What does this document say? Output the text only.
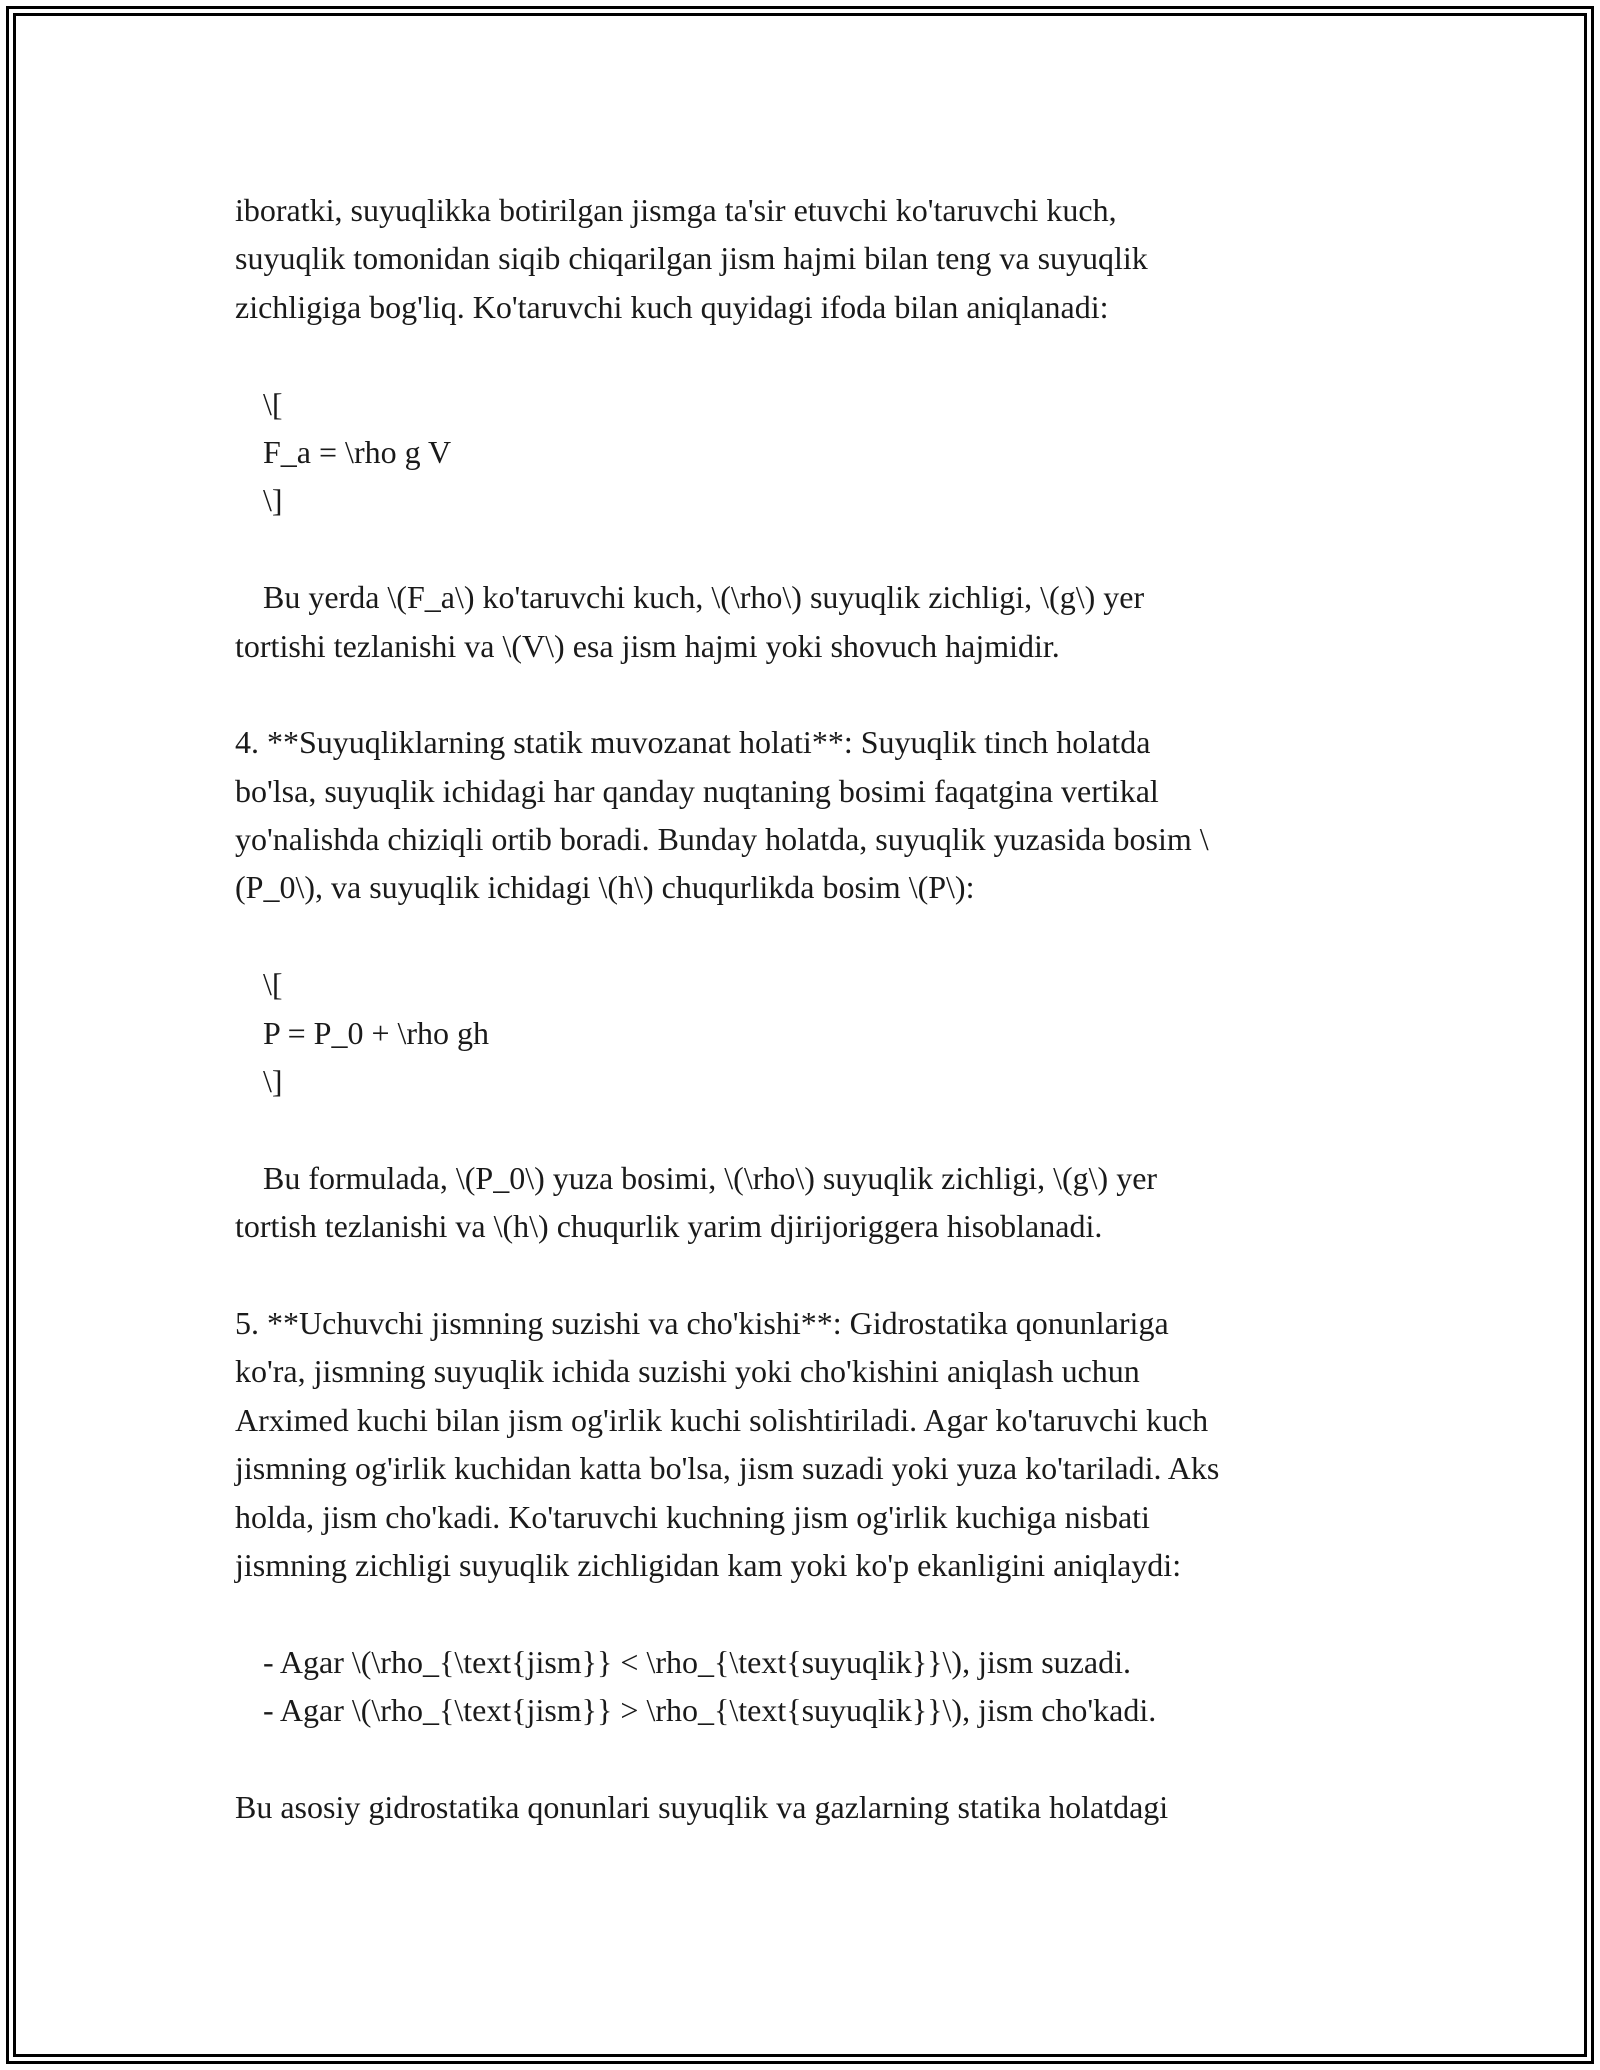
iboratki, suyuqlikka botirilgan jismga ta'sir etuvchi ko'taruvchi kuch,
suyuqlik tomonidan siqib chiqarilgan jism hajmi bilan teng va suyuqlik
zichligiga bog'liq. Ko'taruvchi kuch quyidagi ifoda bilan aniqlanadi:
\[
F_a = \rho g V
\]
Bu yerda \(F_a\) ko'taruvchi kuch, \(\rho\) suyuqlik zichligi, \(g\) yer
tortishi tezlanishi va \(V\) esa jism hajmi yoki shovuch hajmidir.
4. **Suyuqliklarning statik muvozanat holati**: Suyuqlik tinch holatda
bo'lsa, suyuqlik ichidagi har qanday nuqtaning bosimi faqatgina vertikal
yo'nalishda chiziqli ortib boradi. Bunday holatda, suyuqlik yuzasida bosim \
(P_0\), va suyuqlik ichidagi \(h\) chuqurlikda bosim \(P\):
\[
P = P_0 + \rho gh
\]
Bu formulada, \(P_0\) yuza bosimi, \(\rho\) suyuqlik zichligi, \(g\) yer
tortish tezlanishi va \(h\) chuqurlik yarim djirijoriggera hisoblanadi.
5. **Uchuvchi jismning suzishi va cho'kishi**: Gidrostatika qonunlariga
ko'ra, jismning suyuqlik ichida suzishi yoki cho'kishini aniqlash uchun
Arximed kuchi bilan jism og'irlik kuchi solishtiriladi. Agar ko'taruvchi kuch
jismning og'irlik kuchidan katta bo'lsa, jism suzadi yoki yuza ko'tariladi. Aks
holda, jism cho'kadi. Ko'taruvchi kuchning jism og'irlik kuchiga nisbati
jismning zichligi suyuqlik zichligidan kam yoki ko'p ekanligini aniqlaydi:
- Agar \(\rho_{\text{jism}} < \rho_{\text{suyuqlik}}\), jism suzadi.
- Agar \(\rho_{\text{jism}} > \rho_{\text{suyuqlik}}\), jism cho'kadi.
Bu asosiy gidrostatika qonunlari suyuqlik va gazlarning statika holatdagi
